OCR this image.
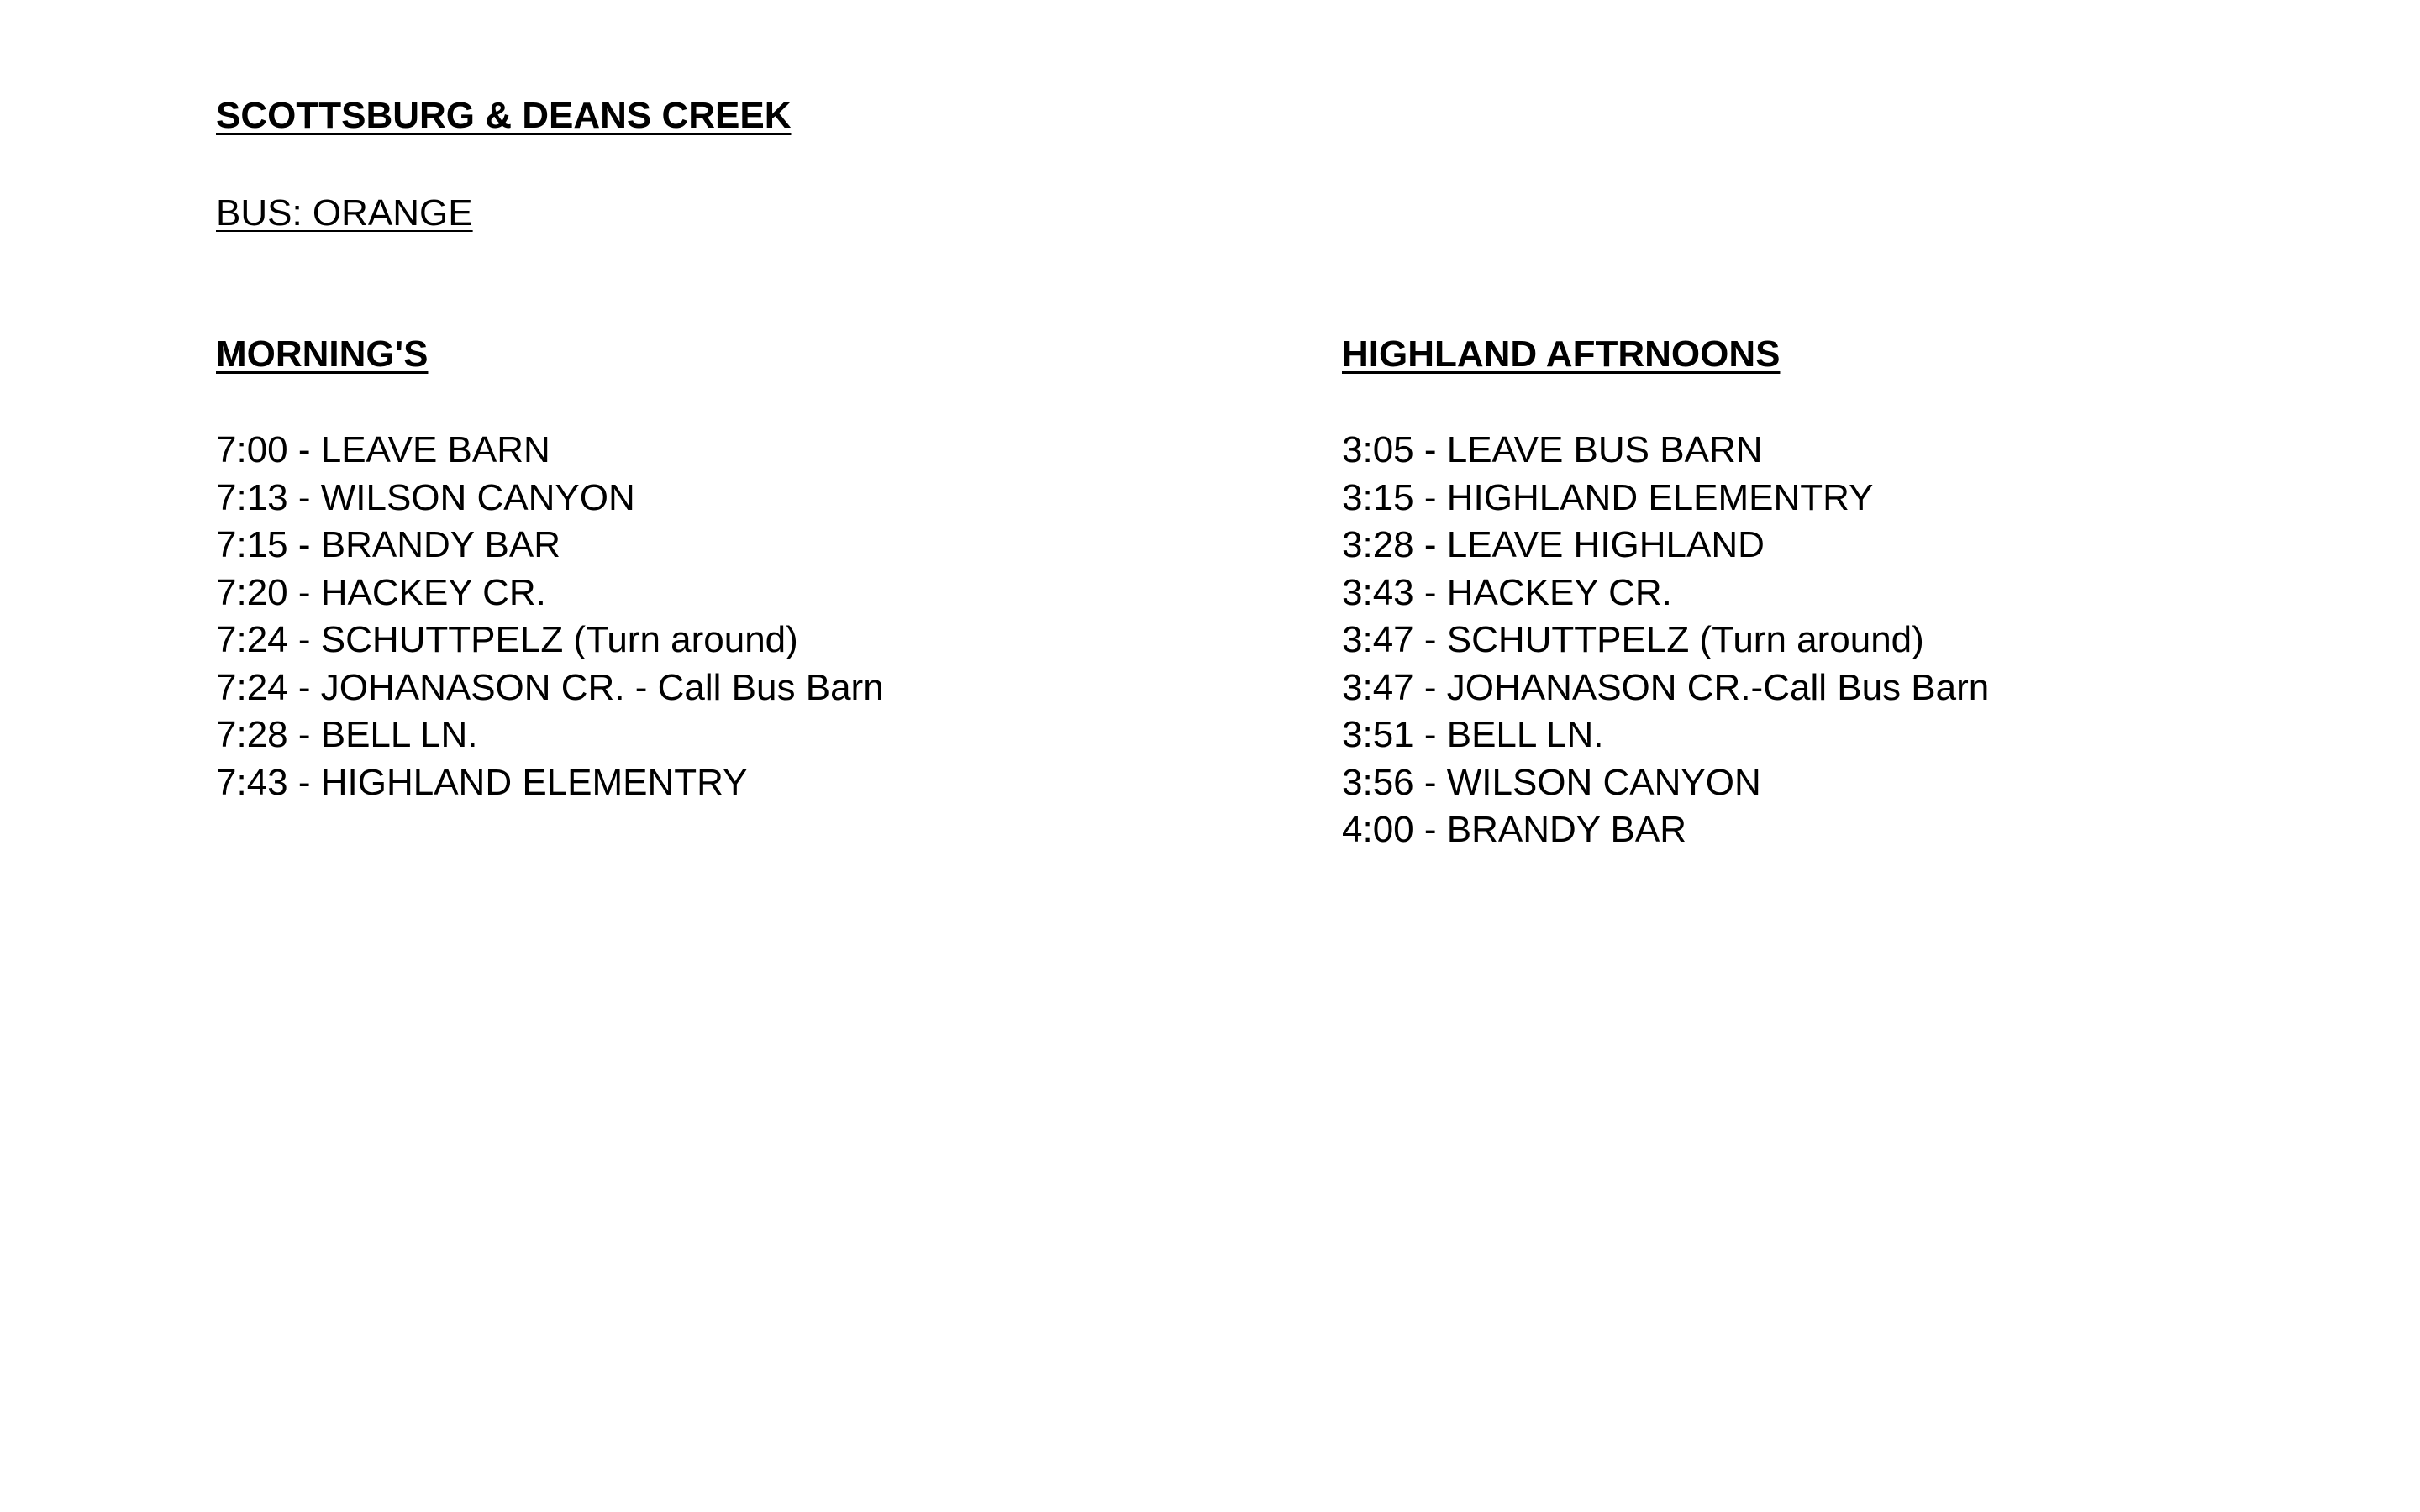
SCOTTSBURG & DEANS CREEK

BUS: ORANGE

MORNING'S
7:00 - LEAVE BARN
7:13 - WILSON CANYON
7:15 - BRANDY BAR
7:20 - HACKEY CR.
7:24 - SCHUTTPELZ (Turn around)
7:24 - JOHANASON CR. - Call Bus Barn
7:28 - BELL LN.
7:43 - HIGHLAND ELEMENTRY
HIGHLAND AFTRNOONS
3:05 - LEAVE BUS BARN
3:15 - HIGHLAND ELEMENTRY
3:28 - LEAVE HIGHLAND
3:43 - HACKEY CR.
3:47 - SCHUTTPELZ (Turn around)
3:47 - JOHANASON CR.-Call Bus Barn
3:51 - BELL LN.
3:56 - WILSON CANYON
4:00 - BRANDY BAR
